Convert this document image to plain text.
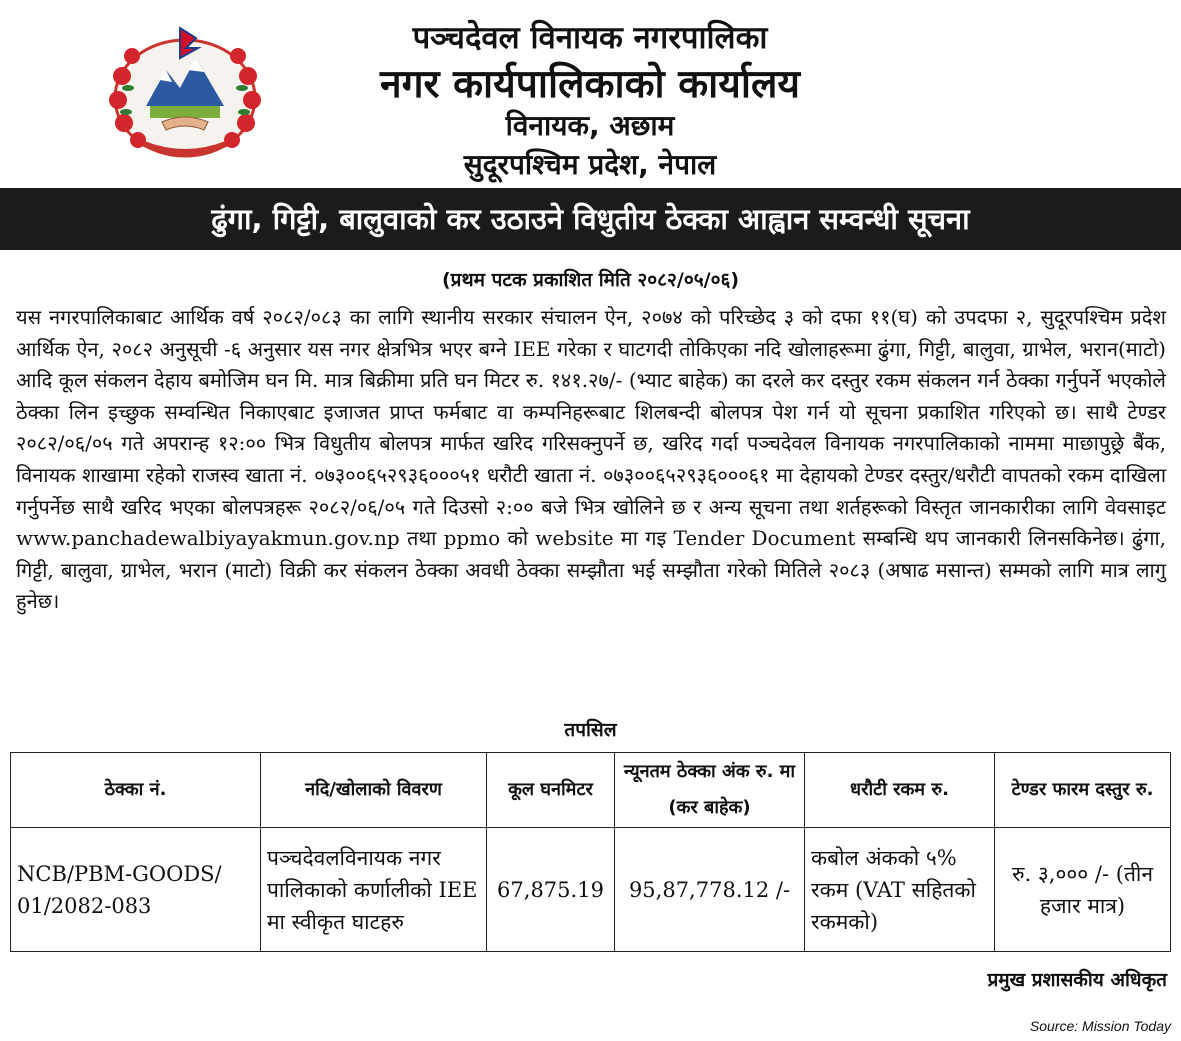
पञ्चदेवल विनायक नगरपालिका
नगर कार्यपालिकाको कार्यालय
विनायक, अछाम
सुदूरपश्चिम प्रदेश, नेपाल
ढुंगा, गिट्टी, बालुवाको कर उठाउने विधुतीय ठेक्का आह्वान सम्वन्धी सूचना
(प्रथम पटक प्रकाशित मिति २०८२/०५/०६)
यस नगरपालिकाबाट आर्थिक वर्ष २०८२/०८३ का लागि स्थानीय सरकार संचालन ऐन, २०७४ को परिच्छेद ३ को दफा ११(घ) को उपदफा २, सुदूरपश्चिम प्रदेश आर्थिक ऐन, २०८२ अनुसूची -६ अनुसार यस नगर क्षेत्रभित्र भएर बग्ने IEE गरेका र घाटगदी तोकिएका नदि खोलाहरूमा ढुंगा, गिट्टी, बालुवा, ग्राभेल, भरान(माटो) आदि कूल संकलन देहाय बमोजिम घन मि. मात्र बिक्रीमा प्रति घन मिटर रु. १४१.२७/- (भ्याट बाहेक) का दरले कर दस्तुर रकम संकलन गर्न ठेक्का गर्नुपर्ने भएकोले ठेक्का लिन इच्छुक सम्वन्धित निकाएबाट इजाजत प्राप्त फर्मबाट वा कम्पनिहरूबाट शिलबन्दी बोलपत्र पेश गर्न यो सूचना प्रकाशित गरिएको छ। साथै टेण्डर २०८२/०६/०५ गते अपरान्ह १२:०० भित्र विधुतीय बोलपत्र मार्फत खरिद गरिसक्नुपर्ने छ, खरिद गर्दा पञ्चदेवल विनायक नगरपालिकाको नाममा माछापुछ्रे बैंक, विनायक शाखामा रहेको राजस्व खाता नं. ०७३००६५२९३६०००५१ धरौटी खाता नं. ०७३००६५२९३६०००६१ मा देहायको टेण्डर दस्तुर/धरौटी वापतको रकम दाखिला गर्नुपर्नेछ साथै खरिद भएका बोलपत्रहरू २०८२/०६/०५ गते दिउसो २:०० बजे भित्र खोलिने छ र अन्य सूचना तथा शर्तहरूको विस्तृत जानकारीका लागि वेवसाइट www.panchadewalbiyayakmun.gov.np तथा ppmo को website मा गइ Tender Document सम्बन्धि थप जानकारी लिनसकिनेछ। ढुंगा, गिट्टी, बालुवा, ग्राभेल, भरान (माटो) विक्री कर संकलन ठेक्का अवधी ठेक्का सम्झौता भई सम्झौता गरेको मितिले २०८३ (अषाढ मसान्त) सम्मको लागि मात्र लागु हुनेछ।
तपसिल
ठेक्का नं.	नदि/खोलाको विवरण	कूल घनमिटर	न्यूनतम ठेक्का अंक रु. मा (कर बाहेक)	धरौटी रकम रु.	टेण्डर फारम दस्तुर रु.
NCB/PBM-GOODS/ 01/2082-083	पञ्चदेवलविनायक नगर पालिकाको कर्णालीको IEE मा स्वीकृत घाटहरु	67,875.19	95,87,778.12 /-	कबोल अंकको ५% रकम (VAT सहितको रकमको)	रु. ३,००० /- (तीन हजार मात्र)
प्रमुख प्रशासकीय अधिकृत
Source: Mission Today
